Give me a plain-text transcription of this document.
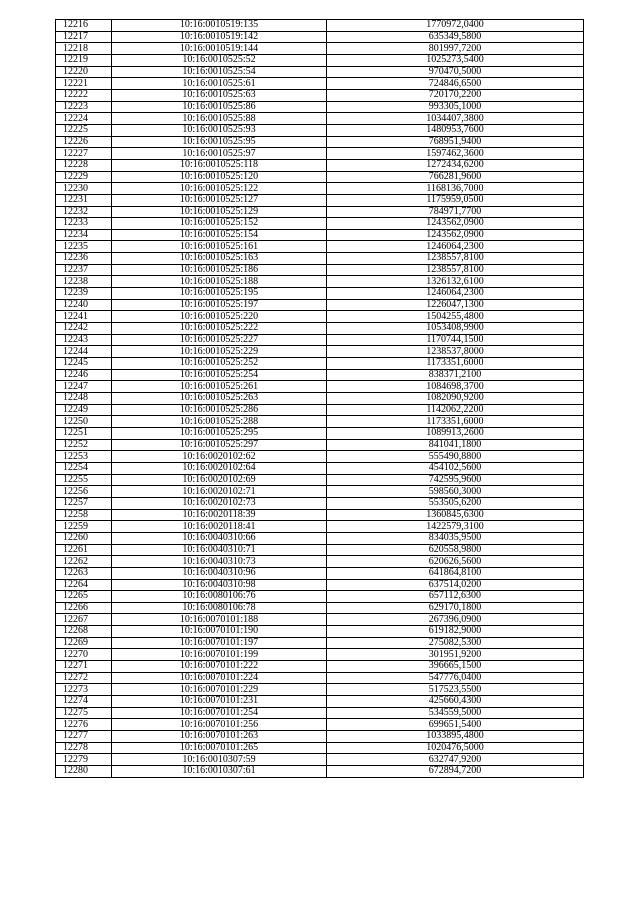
12216	10:16:0010519:135	1770972,0400
12217	10:16:0010519:142	635349,5800
12218	10:16:0010519:144	801997,7200
12219	10:16:0010525:52	1025273,5400
12220	10:16:0010525:54	970470,5000
12221	10:16:0010525:61	724846,6500
12222	10:16:0010525:63	720170,2200
12223	10:16:0010525:86	993305,1000
12224	10:16:0010525:88	1034407,3800
12225	10:16:0010525:93	1480953,7600
12226	10:16:0010525:95	768951,9400
12227	10:16:0010525:97	1597462,3600
12228	10:16:0010525:118	1272434,6200
12229	10:16:0010525:120	766281,9600
12230	10:16:0010525:122	1168136,7000
12231	10:16:0010525:127	1175959,0500
12232	10:16:0010525:129	784971,7700
12233	10:16:0010525:152	1243562,0900
12234	10:16:0010525:154	1243562,0900
12235	10:16:0010525:161	1246064,2300
12236	10:16:0010525:163	1238557,8100
12237	10:16:0010525:186	1238557,8100
12238	10:16:0010525:188	1326132,6100
12239	10:16:0010525:195	1246064,2300
12240	10:16:0010525:197	1226047,1300
12241	10:16:0010525:220	1504255,4800
12242	10:16:0010525:222	1053408,9900
12243	10:16:0010525:227	1170744,1500
12244	10:16:0010525:229	1238537,8000
12245	10:16:0010525:252	1173351,6000
12246	10:16:0010525:254	838371,2100
12247	10:16:0010525:261	1084698,3700
12248	10:16:0010525:263	1082090,9200
12249	10:16:0010525:286	1142062,2200
12250	10:16:0010525:288	1173351,6000
12251	10:16:0010525:295	1089913,2600
12252	10:16:0010525:297	841041,1800
12253	10:16:0020102:62	555490,8800
12254	10:16:0020102:64	454102,5600
12255	10:16:0020102:69	742595,9600
12256	10:16:0020102:71	598560,3000
12257	10:16:0020102:73	553505,6200
12258	10:16:0020118:39	1360845,6300
12259	10:16:0020118:41	1422579,3100
12260	10:16:0040310:66	834035,9500
12261	10:16:0040310:71	620558,9800
12262	10:16:0040310:73	620626,5600
12263	10:16:0040310:96	641864,8100
12264	10:16:0040310:98	637514,0200
12265	10:16:0080106:76	657112,6300
12266	10:16:0080106:78	629170,1800
12267	10:16:0070101:188	267396,0900
12268	10:16:0070101:190	619182,9000
12269	10:16:0070101:197	275082,5300
12270	10:16:0070101:199	301951,9200
12271	10:16:0070101:222	396665,1500
12272	10:16:0070101:224	547776,0400
12273	10:16:0070101:229	517523,5500
12274	10:16:0070101:231	425660,4300
12275	10:16:0070101:254	534559,5000
12276	10:16:0070101:256	699651,5400
12277	10:16:0070101:263	1033895,4800
12278	10:16:0070101:265	1020476,5000
12279	10:16:0010307:59	632747,9200
12280	10:16:0010307:61	672894,7200
